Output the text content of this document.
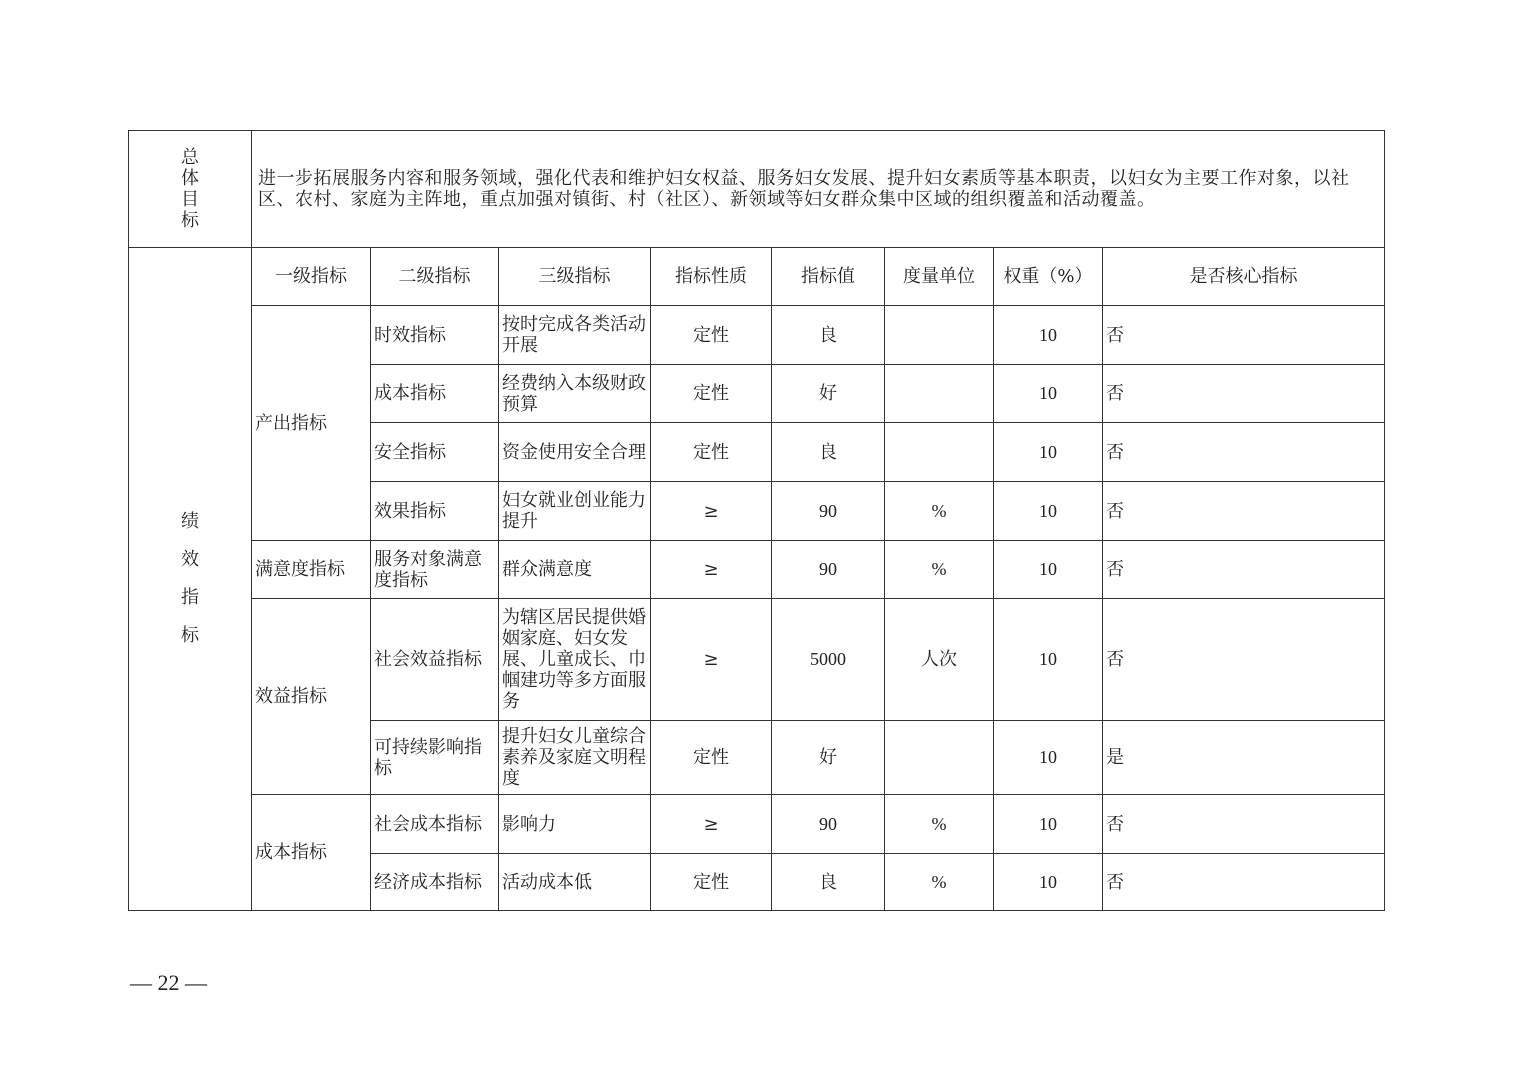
总
体
目
标	进一步拓展服务内容和服务领域，强化代表和维护妇女权益、服务妇女发展、提升妇女素质等基本职责，以妇女为主要工作对象，以社区、农村、家庭为主阵地，重点加强对镇街、村（社区）、新领域等妇女群众集中区域的组织覆盖和活动覆盖。							

绩
效
指
标	一级指标	二级指标	三级指标	指标性质	指标值	度量单位	权重（%）	是否核心指标
	产出指标	时效指标	按时完成各类活动开展	定性	良		10	否
		成本指标	经费纳入本级财政预算	定性	好		10	否
		安全指标	资金使用安全合理	定性	良		10	否
		效果指标	妇女就业创业能力提升	≥	90	%	10	否
	满意度指标	服务对象满意度指标	群众满意度	≥	90	%	10	否
	效益指标	社会效益指标	为辖区居民提供婚姻家庭、妇女发展、儿童成长、巾帼建功等多方面服务	≥	5000	人次	10	否
		可持续影响指标	提升妇女儿童综合素养及家庭文明程度	定性	好		10	是
	成本指标	社会成本指标	影响力	≥	90	%	10	否
		经济成本指标	活动成本低	定性	良	%	10	否
— 22 —
